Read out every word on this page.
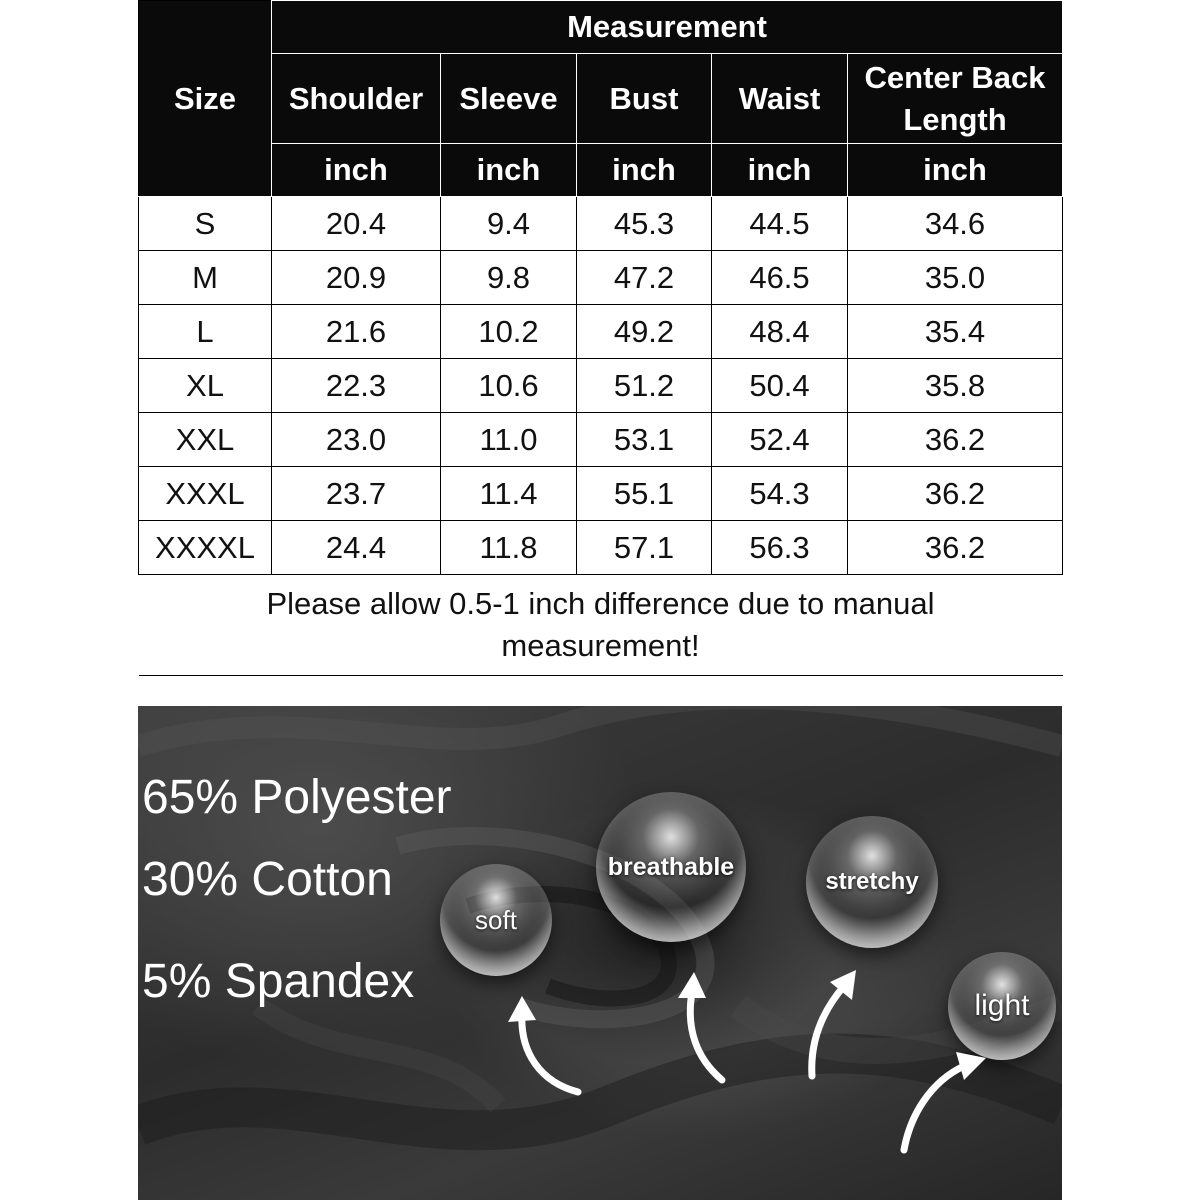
Size	Measurement				
	Shoulder	Sleeve	Bust	Waist	Center Back
Length
	inch	inch	inch	inch	inch
S	20.4	9.4	45.3	44.5	34.6
M	20.9	9.8	47.2	46.5	35.0
L	21.6	10.2	49.2	48.4	35.4
XL	22.3	10.6	51.2	50.4	35.8
XXL	23.0	11.0	53.1	52.4	36.2
XXXL	23.7	11.4	55.1	54.3	36.2
XXXXL	24.4	11.8	57.1	56.3	36.2
Please allow 0.5-1 inch difference due to manual
measurement!					
65% Polyester
30% Cotton
5% Spandex
soft
breathable
stretchy
light
